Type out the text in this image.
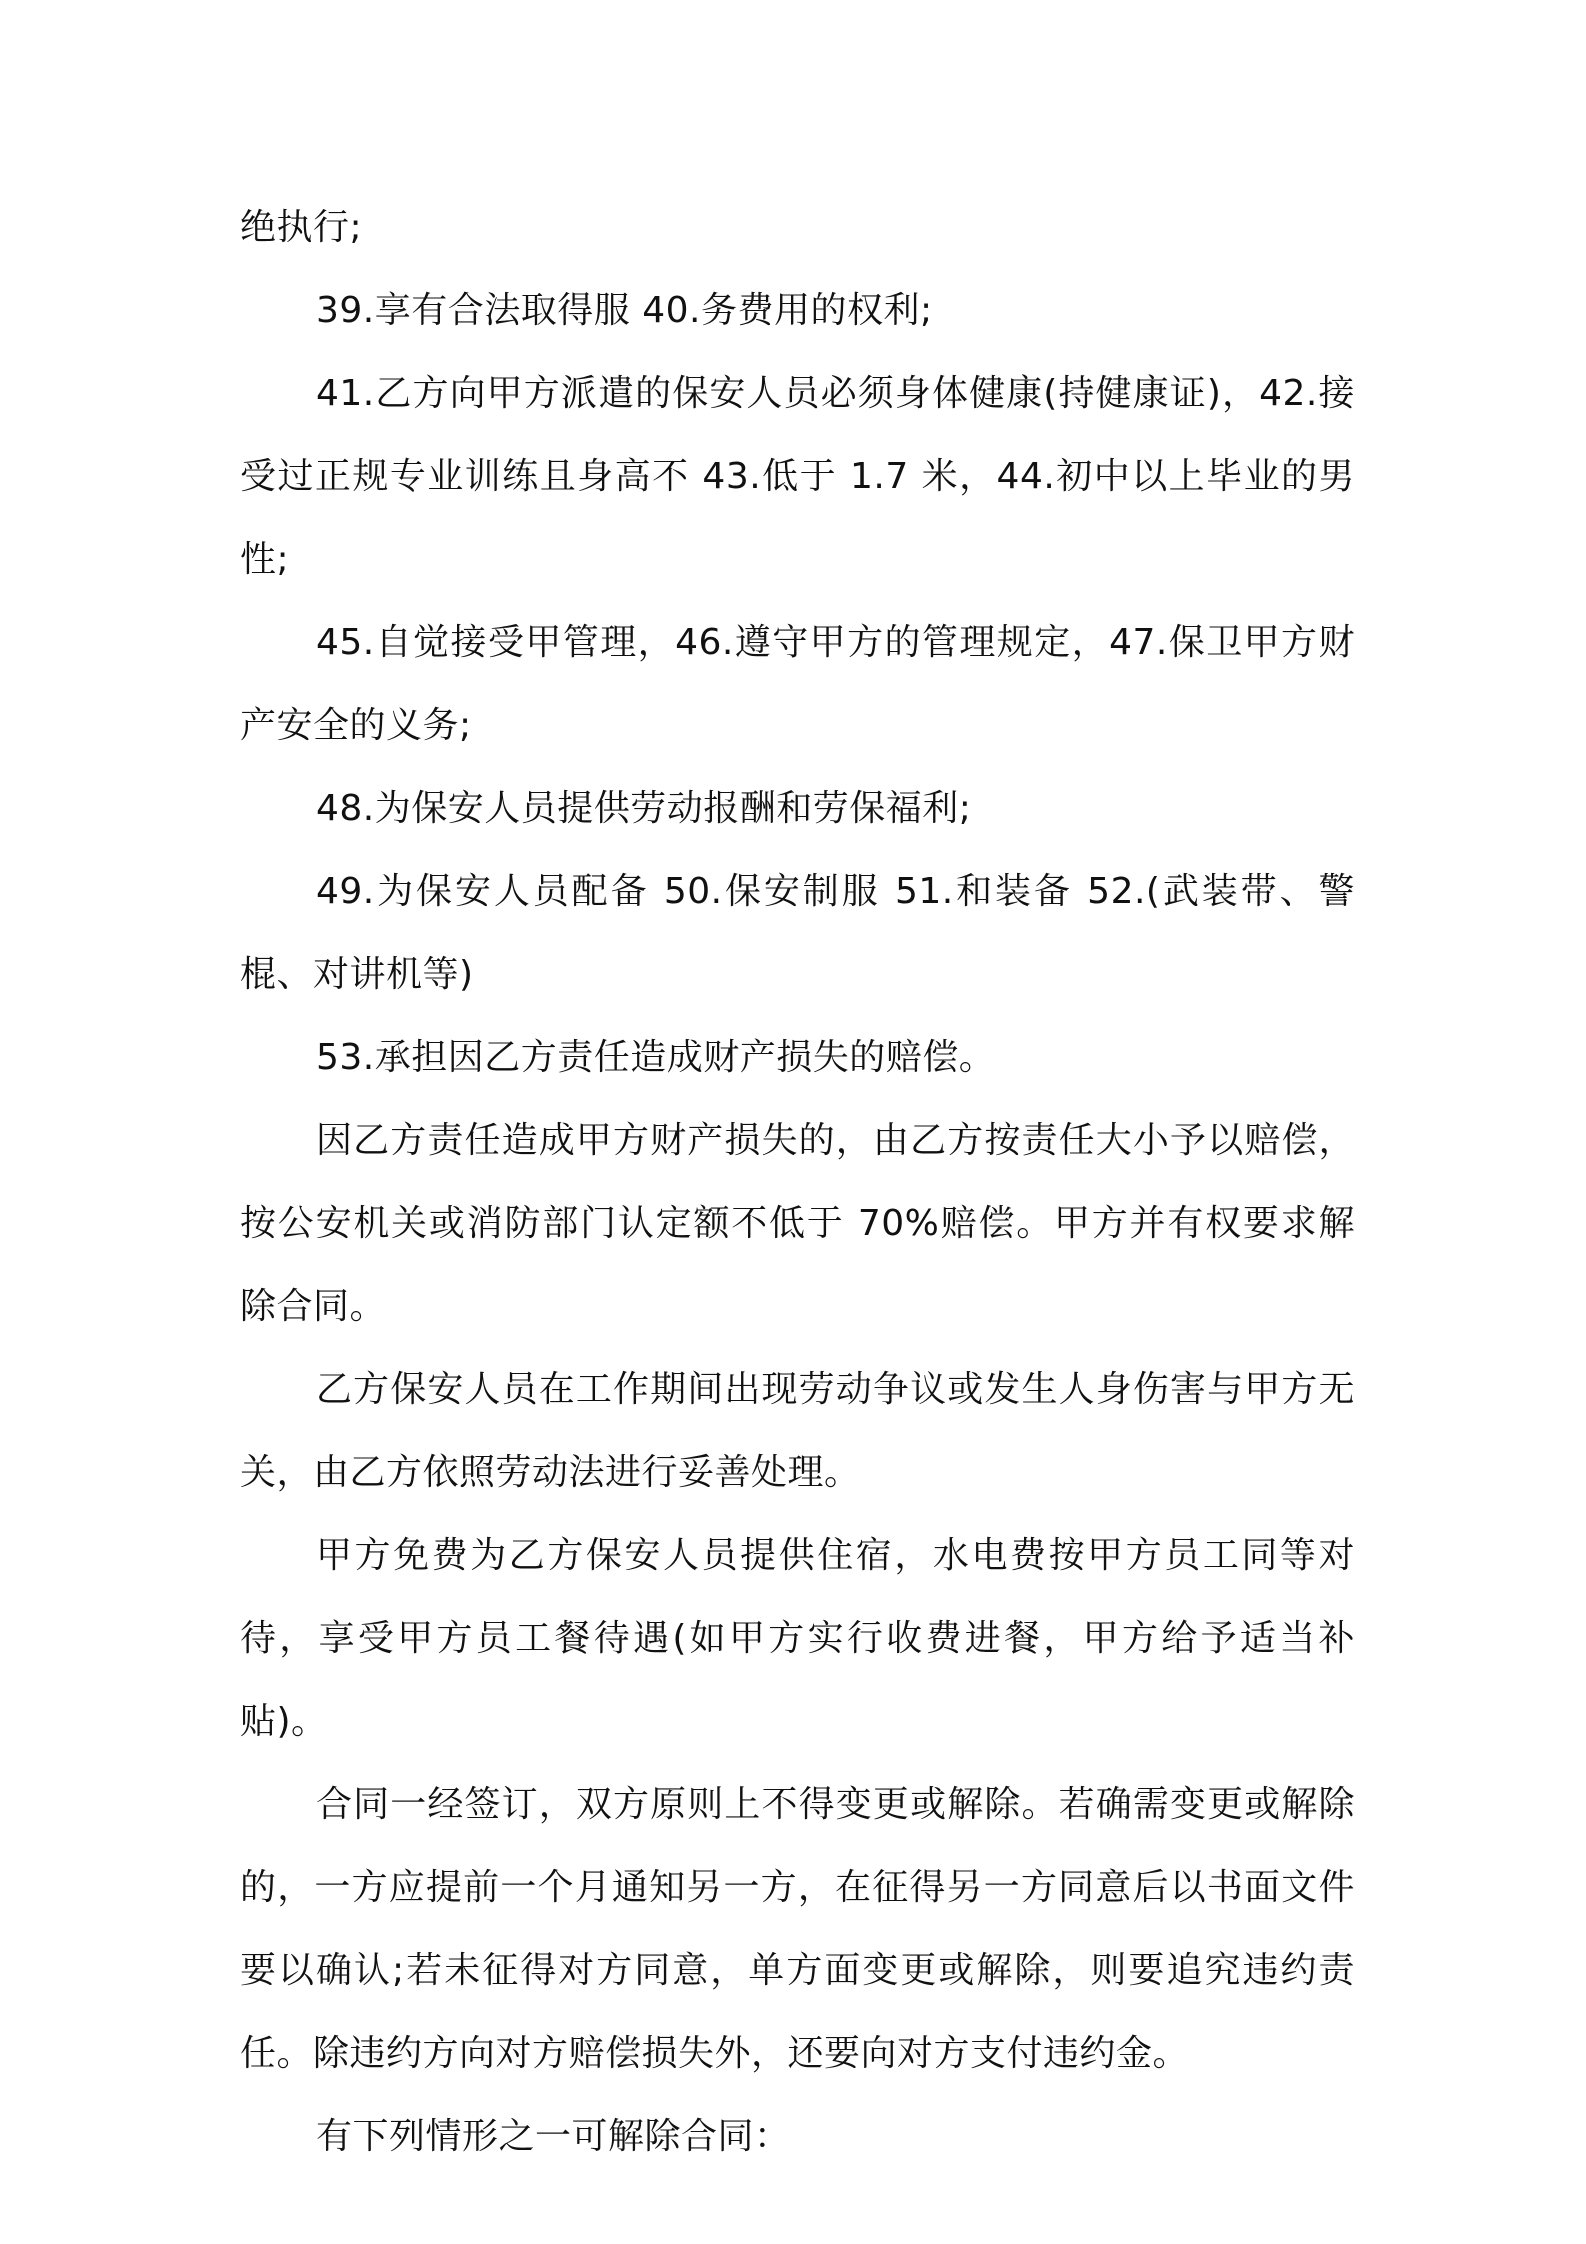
绝执行;

39.享有合法取得服 40.务费用的权利;

41.乙方向甲方派遣的保安人员必须身体健康(持健康证)，42.接受过正规专业训练且身高不 43.低于 1.7 米，44.初中以上毕业的男性;

45.自觉接受甲管理，46.遵守甲方的管理规定，47.保卫甲方财产安全的义务;

48.为保安人员提供劳动报酬和劳保福利;

49.为保安人员配备 50.保安制服 51.和装备 52.(武装带、警棍、对讲机等)

53.承担因乙方责任造成财产损失的赔偿。

因乙方责任造成甲方财产损失的，由乙方按责任大小予以赔偿，按公安机关或消防部门认定额不低于 70%赔偿。甲方并有权要求解除合同。

乙方保安人员在工作期间出现劳动争议或发生人身伤害与甲方无关，由乙方依照劳动法进行妥善处理。

甲方免费为乙方保安人员提供住宿，水电费按甲方员工同等对待，享受甲方员工餐待遇(如甲方实行收费进餐，甲方给予适当补贴)。

合同一经签订，双方原则上不得变更或解除。若确需变更或解除的，一方应提前一个月通知另一方，在征得另一方同意后以书面文件要以确认;若未征得对方同意，单方面变更或解除，则要追究违约责任。除违约方向对方赔偿损失外，还要向对方支付违约金。

有下列情形之一可解除合同：
